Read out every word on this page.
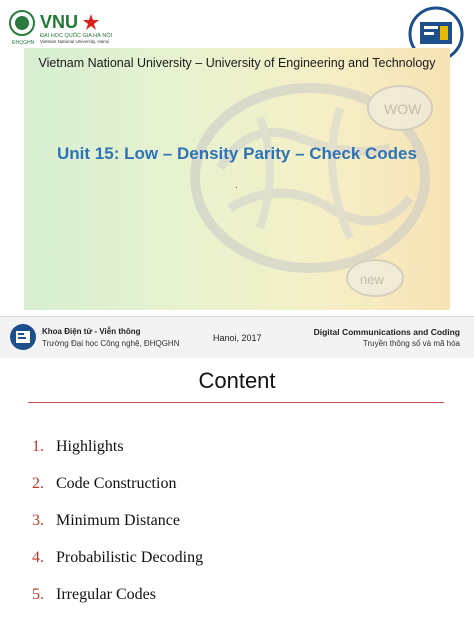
ĐHQGHN
VNU
ĐẠI HỌC QUỐC GIA HÀ NỘI
Vietnam National University, Hanoi
WOW
new
Vietnam National University – University of Engineering and Technology
Unit 15: Low – Density Parity – Check Codes
.
Khoa Điện tử - Viễn thông
Trường Đại học Công nghệ, ĐHQGHN
Hanoi, 2017
Digital Communications and Coding
Truyền thông số và mã hóa
Content
1. Highlights
2. Code Construction
3. Minimum Distance
4. Probabilistic Decoding
5. Irregular Codes
